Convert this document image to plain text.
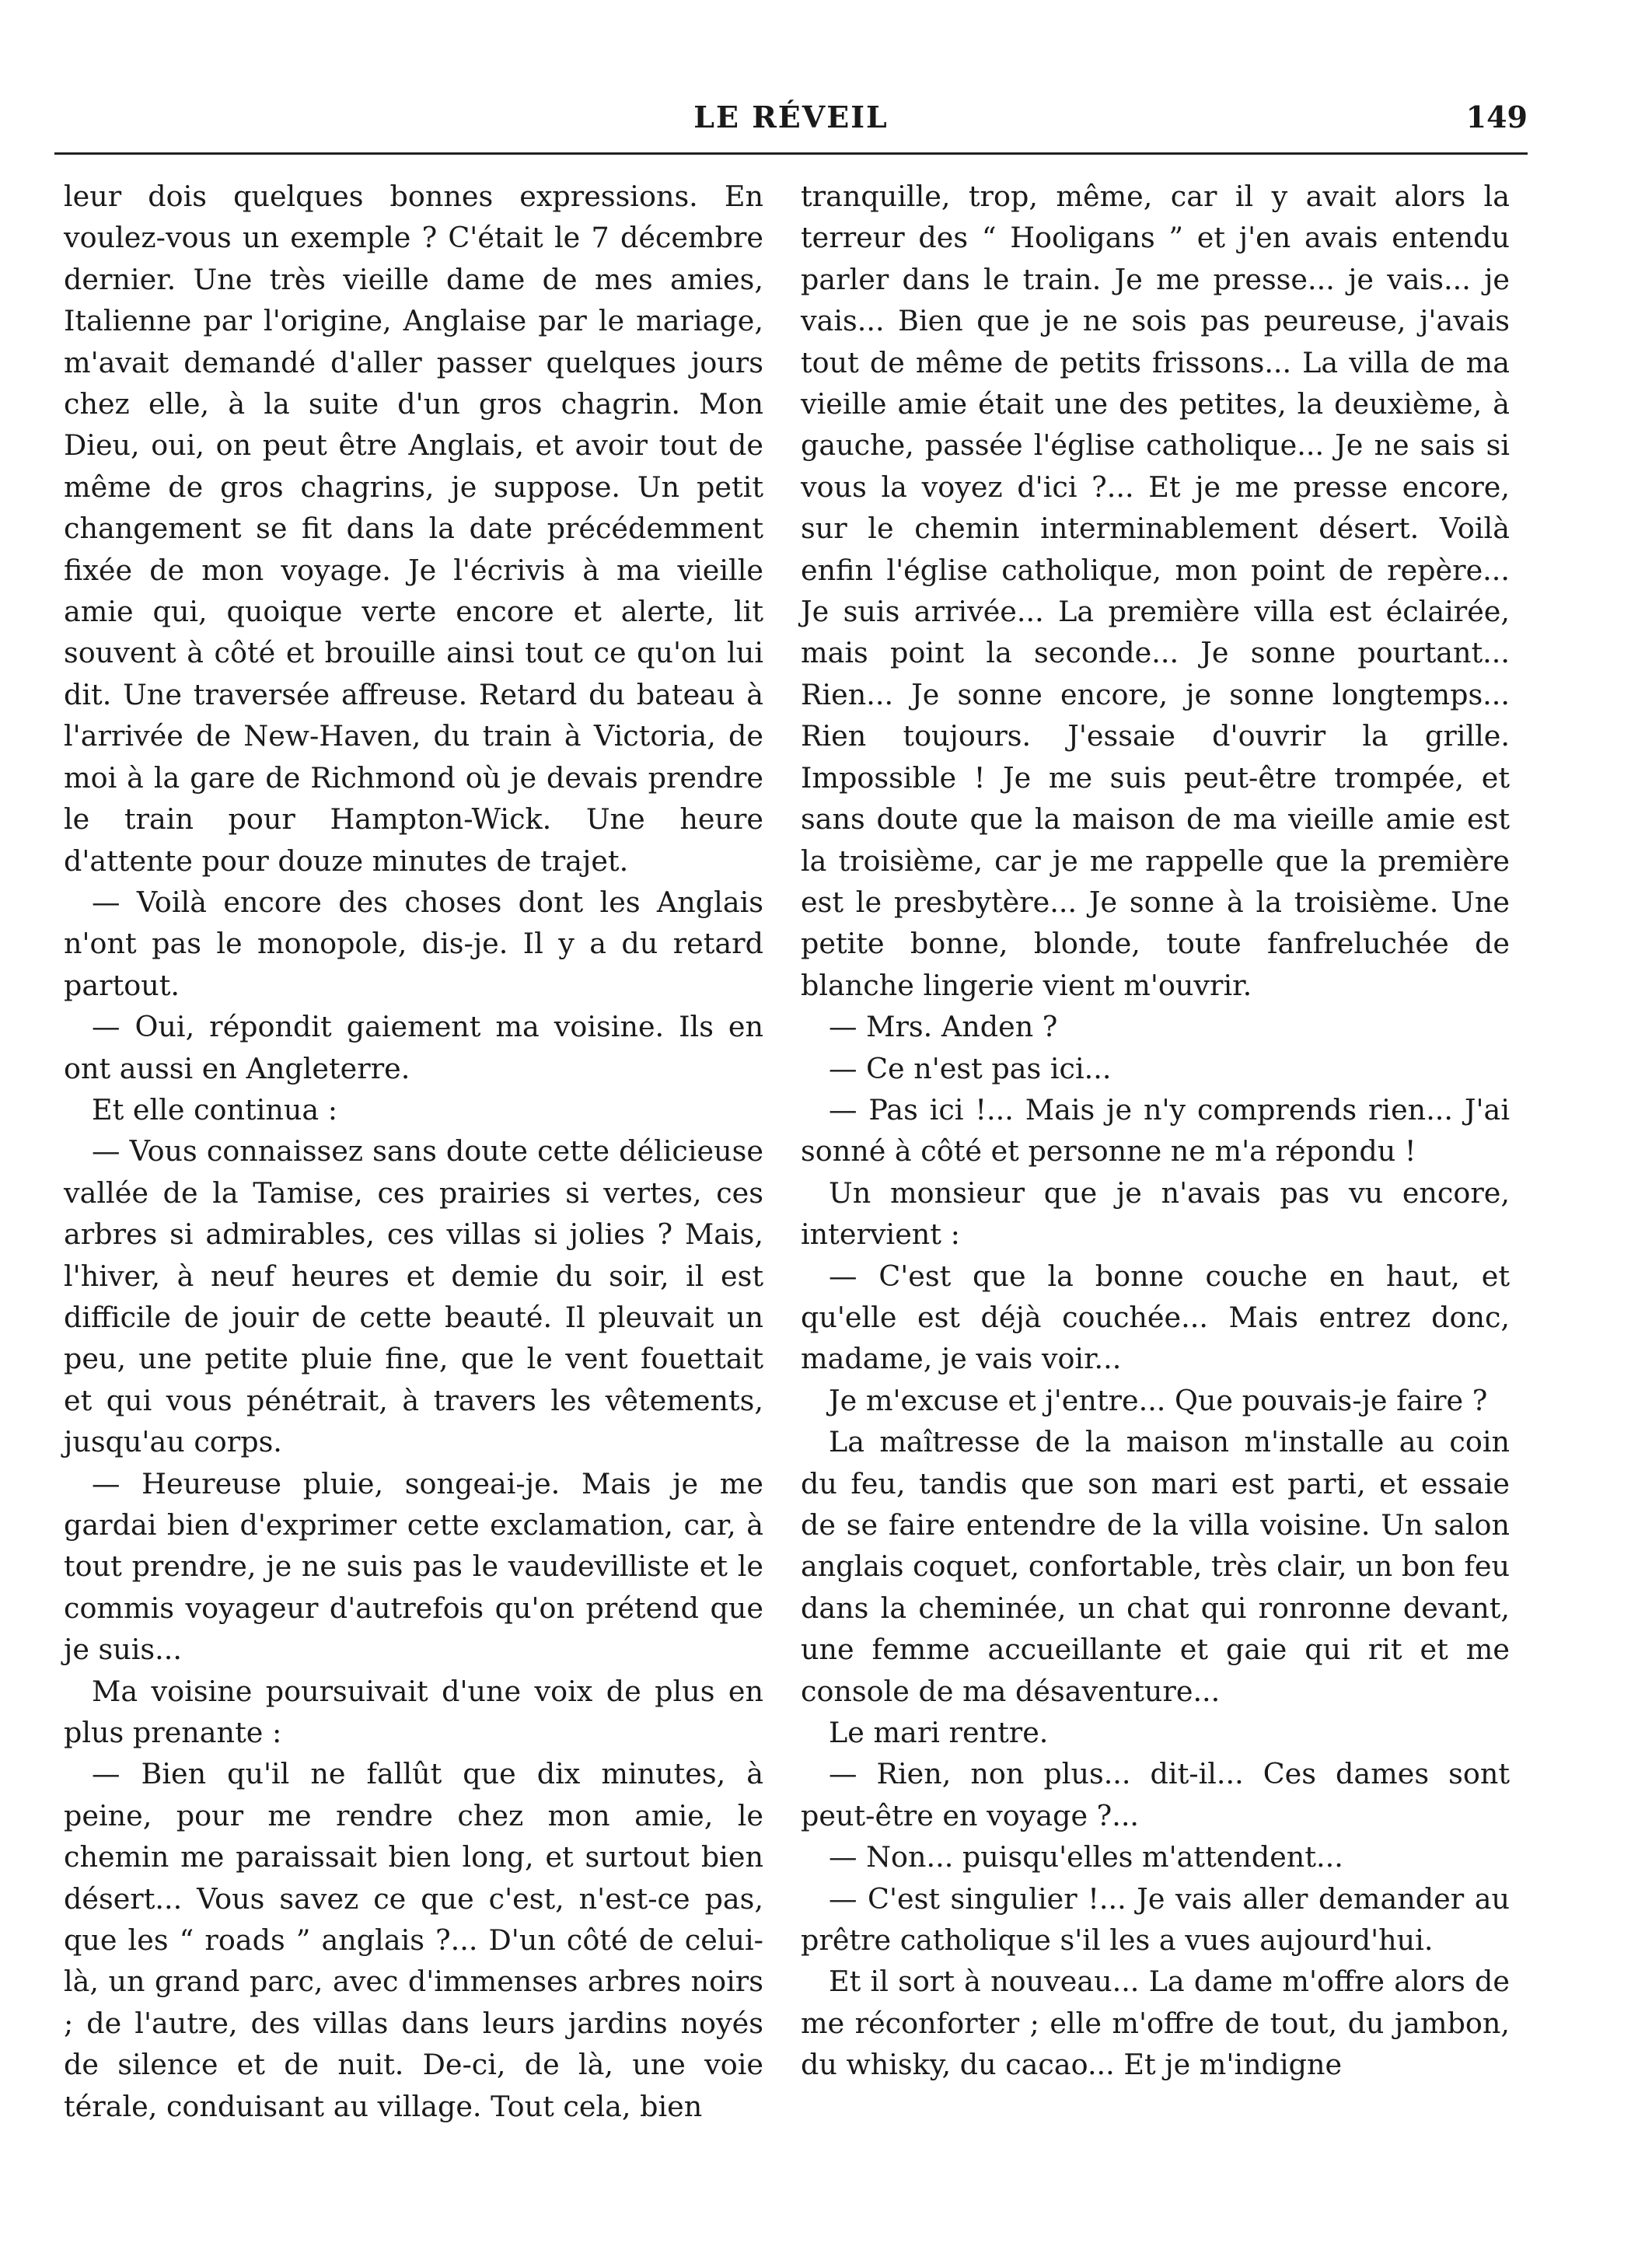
LE RÉVEIL	149

leur dois quelques bonnes expressions. En voulez-vous un exemple ? C'était le 7 décembre dernier. Une très vieille dame de mes amies, Italienne par l'origine, Anglaise par le mariage, m'avait demandé d'aller passer quelques jours chez elle, à la suite d'un gros chagrin. Mon Dieu, oui, on peut être Anglais, et avoir tout de même de gros chagrins, je suppose. Un petit changement se fit dans la date précédemment fixée de mon voyage. Je l'écrivis à ma vieille amie qui, quoique verte encore et alerte, lit souvent à côté et brouille ainsi tout ce qu'on lui dit. Une traversée affreuse. Retard du bateau à l'arrivée de New-Haven, du train à Victoria, de moi à la gare de Richmond où je devais prendre le train pour Hampton-Wick. Une heure d'attente pour douze minutes de trajet.

— Voilà encore des choses dont les Anglais n'ont pas le monopole, dis-je. Il y a du retard partout.

— Oui, répondit gaiement ma voisine. Ils en ont aussi en Angleterre.

Et elle continua :

— Vous connaissez sans doute cette délicieuse vallée de la Tamise, ces prairies si vertes, ces arbres si admirables, ces villas si jolies ? Mais, l'hiver, à neuf heures et demie du soir, il est difficile de jouir de cette beauté. Il pleuvait un peu, une petite pluie fine, que le vent fouettait et qui vous pénétrait, à travers les vêtements, jusqu'au corps.

— Heureuse pluie, songeai-je. Mais je me gardai bien d'exprimer cette exclamation, car, à tout prendre, je ne suis pas le vaudevilliste et le commis voyageur d'autrefois qu'on prétend que je suis...

Ma voisine poursuivait d'une voix de plus en plus prenante :

— Bien qu'il ne fallût que dix minutes, à peine, pour me rendre chez mon amie, le chemin me paraissait bien long, et surtout bien désert... Vous savez ce que c'est, n'est-ce pas, que les “ roads ” anglais ?... D'un côté de celui-là, un grand parc, avec d'immenses arbres noirs ; de l'autre, des villas dans leurs jardins noyés de silence et de nuit. De-ci, de là, une voie térale, conduisant au village. Tout cela, bien

tranquille, trop, même, car il y avait alors la terreur des “ Hooligans ” et j'en avais entendu parler dans le train. Je me presse... je vais... je vais... Bien que je ne sois pas peureuse, j'avais tout de même de petits frissons... La villa de ma vieille amie était une des petites, la deuxième, à gauche, passée l'église catholique... Je ne sais si vous la voyez d'ici ?... Et je me presse encore, sur le chemin interminablement désert. Voilà enfin l'église catholique, mon point de repère... Je suis arrivée... La première villa est éclairée, mais point la seconde... Je sonne pourtant... Rien... Je sonne encore, je sonne longtemps... Rien toujours. J'essaie d'ouvrir la grille. Impossible ! Je me suis peut-être trompée, et sans doute que la maison de ma vieille amie est la troisième, car je me rappelle que la première est le presbytère... Je sonne à la troisième. Une petite bonne, blonde, toute fanfreluchée de blanche lingerie vient m'ouvrir.

— Mrs. Anden ?

— Ce n'est pas ici...

— Pas ici !... Mais je n'y comprends rien... J'ai sonné à côté et personne ne m'a répondu !

Un monsieur que je n'avais pas vu encore, intervient :

— C'est que la bonne couche en haut, et qu'elle est déjà couchée... Mais entrez donc, madame, je vais voir...

Je m'excuse et j'entre... Que pouvais-je faire ?

La maîtresse de la maison m'installe au coin du feu, tandis que son mari est parti, et essaie de se faire entendre de la villa voisine. Un salon anglais coquet, confortable, très clair, un bon feu dans la cheminée, un chat qui ronronne devant, une femme accueillante et gaie qui rit et me console de ma désaventure...

Le mari rentre.

— Rien, non plus... dit-il... Ces dames sont peut-être en voyage ?...

— Non... puisqu'elles m'attendent...

— C'est singulier !... Je vais aller demander au prêtre catholique s'il les a vues aujourd'hui.

Et il sort à nouveau... La dame m'offre alors de me réconforter ; elle m'offre de tout, du jambon, du whisky, du cacao... Et je m'indigne
